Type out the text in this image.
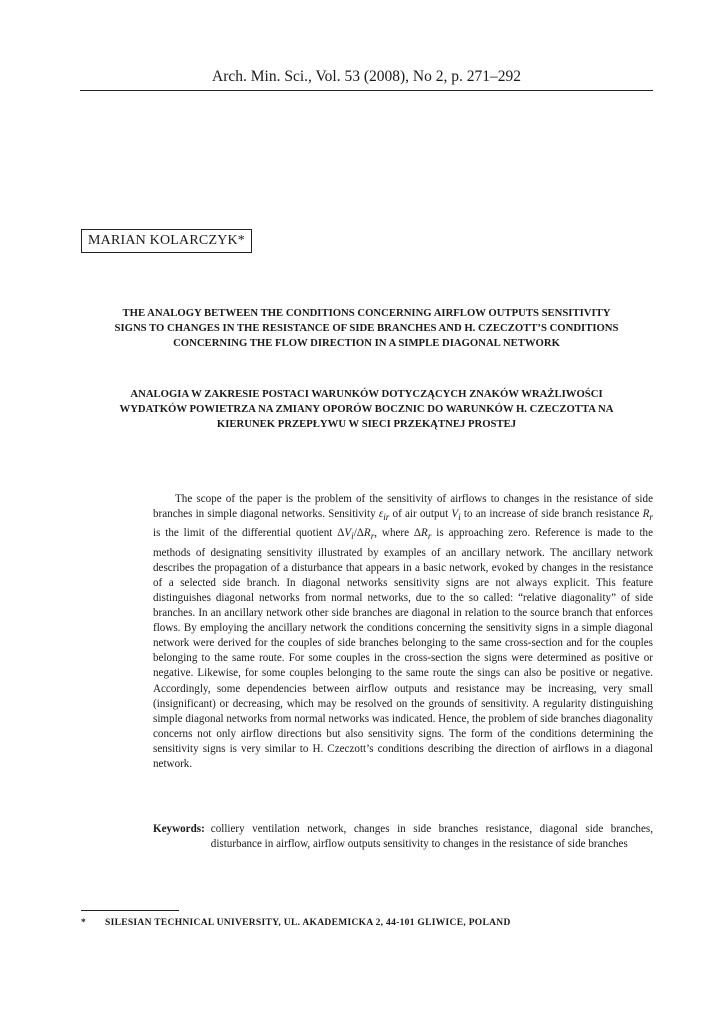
Arch. Min. Sci., Vol. 53 (2008), No 2, p. 271–292
MARIAN KOLARCZYK*
THE ANALOGY BETWEEN THE CONDITIONS CONCERNING AIRFLOW OUTPUTS SENSITIVITY
SIGNS TO CHANGES IN THE RESISTANCE OF SIDE BRANCHES AND H. CZECZOTT’S CONDITIONS
CONCERNING THE FLOW DIRECTION IN A SIMPLE DIAGONAL NETWORK
ANALOGIA W ZAKRESIE POSTACI WARUNKÓW DOTYCZĄCYCH ZNAKÓW WRAŻLIWOŚCI
WYDATKÓW POWIETRZA NA ZMIANY OPORÓW BOCZNIC DO WARUNKÓW H. CZECZOTTA NA
KIERUNEK PRZEPŁYWU W SIECI PRZEKĄTNEJ PROSTEJ

The scope of the paper is the problem of the sensitivity of airflows to changes in the resistance of side branches in simple diagonal networks. Sensitivity $\varepsilon_{ir}$ of air output $V_i$ to an increase of side branch resistance $R_r$ is the limit of the differential quotient $\Delta V_i/\Delta R_r$, where $\Delta R_r$ is approaching zero. Reference is made to the methods of designating sensitivity illustrated by examples of an ancillary network. The ancillary network describes the propagation of a disturbance that appears in a basic network, evoked by changes in the resistance of a selected side branch. In diagonal networks sensitivity signs are not always explicit. This feature distinguishes diagonal networks from normal networks, due to the so called: “relative diagonality” of side branches. In an ancillary network other side branches are diagonal in relation to the source branch that enforces flows. By employing the ancillary network the conditions concerning the sensitivity signs in a simple diagonal network were derived for the couples of side branches belonging to the same cross-section and for the couples belonging to the same route. For some couples in the cross-section the signs were determined as positive or negative. Likewise, for some couples belonging to the same route the sings can also be positive or negative. Accordingly, some dependencies between airflow outputs and resistance may be increasing, very small (insignificant) or decreasing, which may be resolved on the grounds of sensitivity. A regularity distinguishing simple diagonal networks from normal networks was indicated. Hence, the problem of side branches diagonality concerns not only airflow directions but also sensitivity signs. The form of the conditions determining the sensitivity signs is very similar to H. Czeczott’s conditions describing the direction of airflows in a diagonal network.

Keywords: colliery ventilation network, changes in side branches resistance, diagonal side branches, disturbance in airflow, airflow outputs sensitivity to changes in the resistance of side branches
* SILESIAN TECHNICAL UNIVERSITY, UL. AKADEMICKA 2, 44-101 GLIWICE, POLAND
